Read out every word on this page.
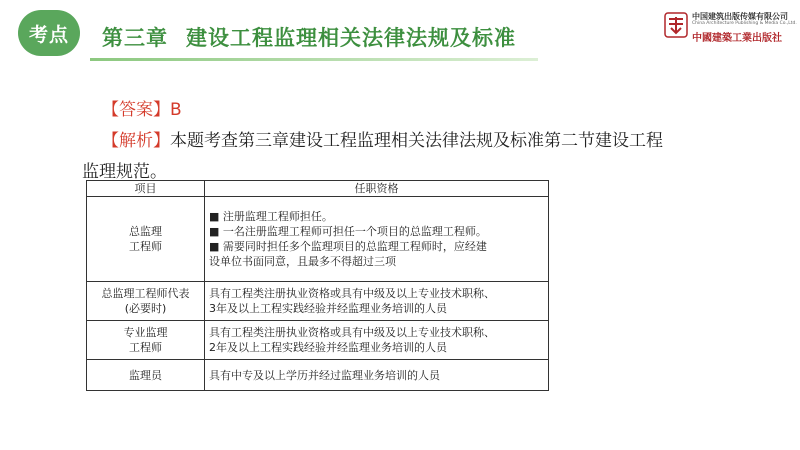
考点	第三章 建设工程监理相关法律法规及标准
中国建筑出版传媒有限公司
China Architecture Publishing & Media Co.,Ltd.
中國建築工業出版社
【答案】B
【解析】本题考查第三章建设工程监理相关法律法规及标准第二节建设工程
监理规范。
项目	任职资格

总监理
工程师	■ 注册监理工程师担任。
■ 一名注册监理工程师可担任一个项目的总监理工程师。
■ 需要同时担任多个监理项目的总监理工程师时，应经建
设单位书面同意，且最多不得超过三项

总监理工程师代表
(必要时)	具有工程类注册执业资格或具有中级及以上专业技术职称、
3年及以上工程实践经验并经监理业务培训的人员

专业监理
工程师	具有工程类注册执业资格或具有中级及以上专业技术职称、
2年及以上工程实践经验并经监理业务培训的人员

监理员	具有中专及以上学历并经过监理业务培训的人员
